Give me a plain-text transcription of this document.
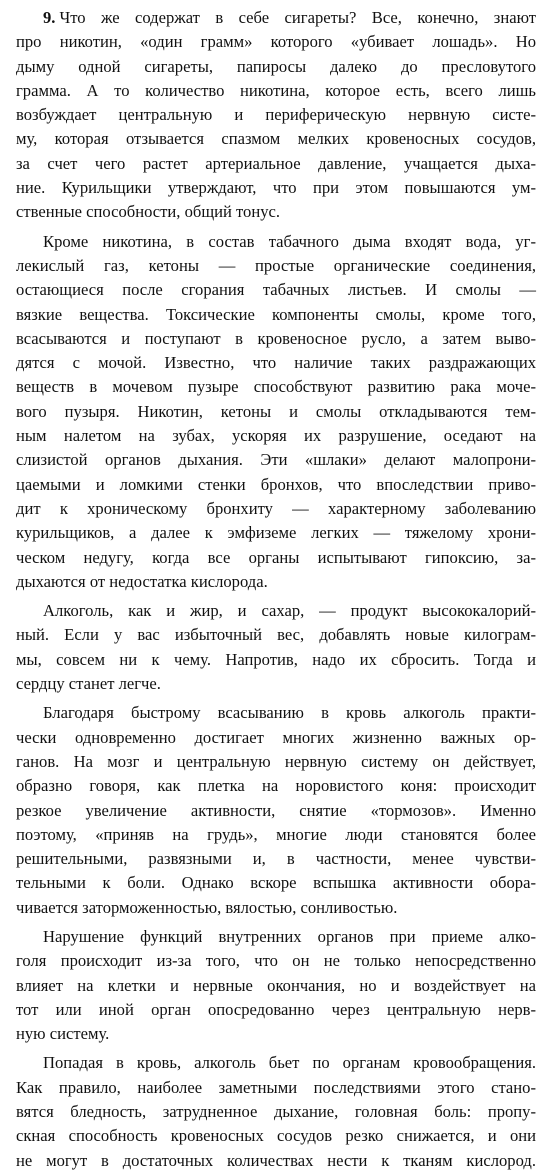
9. Что же содержат в себе сигареты? Все, конечно, знают
про никотин, «один грамм» которого «убивает лошадь». Но
дыму одной сигареты, папиросы далеко до пресловутого
грамма. А то количество никотина, которое есть, всего лишь
возбуждает центральную и периферическую нервную систе-
му, которая отзывается спазмом мелких кровеносных сосудов,
за счет чего растет артериальное давление, учащается дыха-
ние. Курильщики утверждают, что при этом повышаются ум-
ственные способности, общий тонус.

Кроме никотина, в состав табачного дыма входят вода, уг-
лекислый газ, кетоны — простые органические соединения,
остающиеся после сгорания табачных листьев. И смолы —
вязкие вещества. Токсические компоненты смолы, кроме того,
всасываются и поступают в кровеносное русло, а затем выво-
дятся с мочой. Известно, что наличие таких раздражающих
веществ в мочевом пузыре способствуют развитию рака моче-
вого пузыря. Никотин, кетоны и смолы откладываются тем-
ным налетом на зубах, ускоряя их разрушение, оседают на
слизистой органов дыхания. Эти «шлаки» делают малопрони-
цаемыми и ломкими стенки бронхов, что впоследствии приво-
дит к хроническому бронхиту — характерному заболеванию
курильщиков, а далее к эмфиземе легких — тяжелому хрони-
ческом недугу, когда все органы испытывают гипоксию, за-
дыхаются от недостатка кислорода.

Алкоголь, как и жир, и сахар, — продукт высококалорий-
ный. Если у вас избыточный вес, добавлять новые килограм-
мы, совсем ни к чему. Напротив, надо их сбросить. Тогда и
сердцу станет легче.

Благодаря быстрому всасыванию в кровь алкоголь практи-
чески одновременно достигает многих жизненно важных ор-
ганов. На мозг и центральную нервную систему он действует,
образно говоря, как плетка на норовистого коня: происходит
резкое увеличение активности, снятие «тормозов». Именно
поэтому, «приняв на грудь», многие люди становятся более
решительными, развязными и, в частности, менее чувстви-
тельными к боли. Однако вскоре вспышка активности обора-
чивается заторможенностью, вялостью, сонливостью.

Нарушение функций внутренних органов при приеме алко-
голя происходит из-за того, что он не только непосредственно
влияет на клетки и нервные окончания, но и воздействует на
тот или иной орган опосредованно через центральную нерв-
ную систему.

Попадая в кровь, алкоголь бьет по органам кровообращения.
Как правило, наиболее заметными последствиями этого стано-
вятся бледность, затрудненное дыхание, головная боль: пропу-
скная способность кровеносных сосудов резко снижается, и они
не могут в достаточных количествах нести к тканям кислород.
